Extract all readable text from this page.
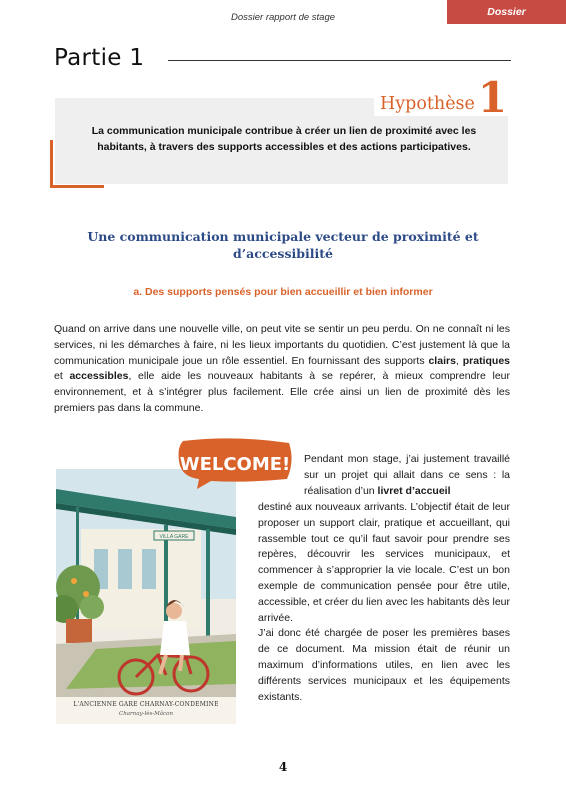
Dossier rapport de stage	Dossier
Partie 1
Hypothèse 1
La communication municipale contribue à créer un lien de proximité avec les habitants, à travers des supports accessibles et des actions participatives.
Une communication municipale vecteur de proximité et d’accessibilité
a. Des supports pensés pour bien accueillir et bien informer
Quand on arrive dans une nouvelle ville, on peut vite se sentir un peu perdu. On ne connaît ni les services, ni les démarches à faire, ni les lieux importants du quotidien. C’est justement là que la communication municipale joue un rôle essentiel. En fournissant des supports clairs, pratiques et accessibles, elle aide les nouveaux habitants à se repérer, à mieux comprendre leur environnement, et à s’intégrer plus facilement. Elle crée ainsi un lien de proximité dès les premiers pas dans la commune.
VILLA GARE
L'ANCIENNE GARE CHARNAY-CONDEMINE
Charnay-lès-Mâcon
WELCOME! Pendant mon stage, j’ai justement travaillé sur un projet qui allait dans ce sens : la réalisation d’un livret d’accueil

destiné aux nouveaux arrivants. L’objectif était de leur proposer un support clair, pratique et accueillant, qui rassemble tout ce qu’il faut savoir pour prendre ses repères, découvrir les services municipaux, et commencer à s’approprier la vie locale. C’est un bon exemple de communication pensée pour être utile, accessible, et créer du lien avec les habitants dès leur arrivée.

J’ai donc été chargée de poser les premières bases de ce document. Ma mission était de réunir un maximum d’informations utiles, en lien avec les différents services municipaux et les équipements existants.

4
